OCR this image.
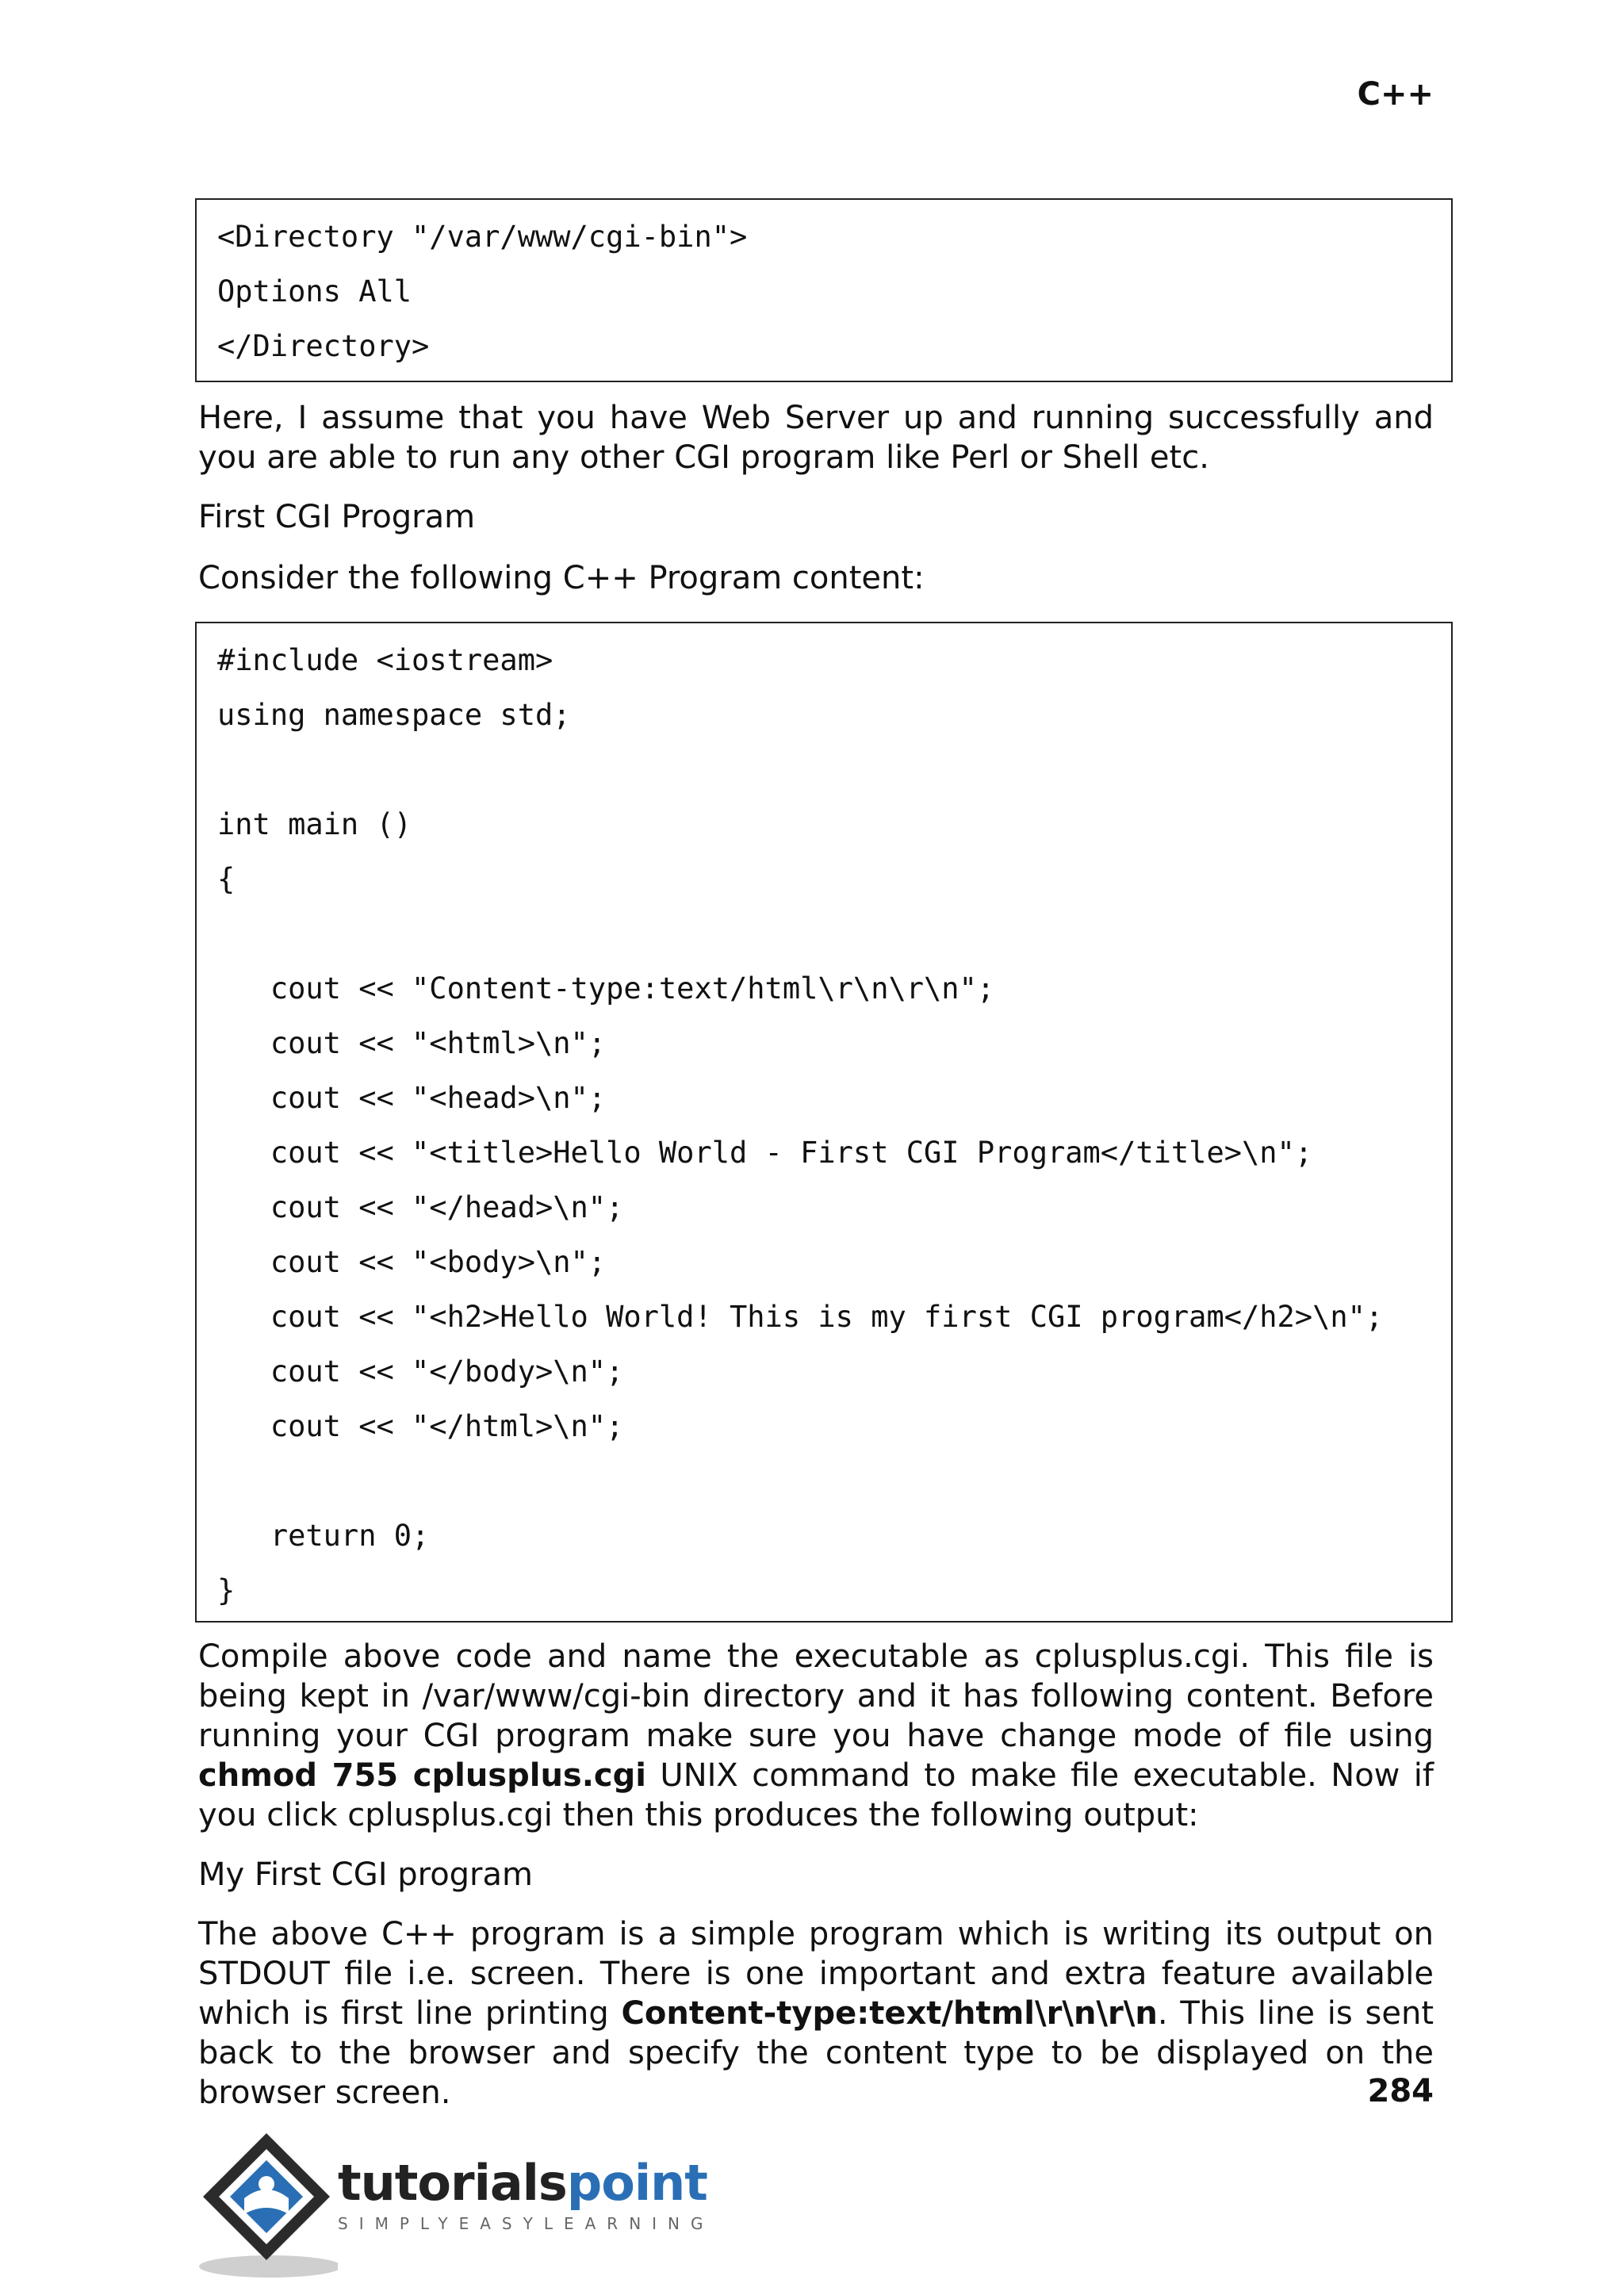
C++
<Directory "/var/www/cgi-bin">
Options All
</Directory>
Here, I assume that you have Web Server up and running successfully and you are able to run any other CGI program like Perl or Shell etc.
First CGI Program
Consider the following C++ Program content:
#include <iostream>
using namespace std;
int main ()
{
cout << "Content-type:text/html\r\n\r\n";
cout << "<html>\n";
cout << "<head>\n";
cout << "<title>Hello World - First CGI Program</title>\n";
cout << "</head>\n";
cout << "<body>\n";
cout << "<h2>Hello World! This is my first CGI program</h2>\n";
cout << "</body>\n";
cout << "</html>\n";
return 0;
}
Compile above code and name the executable as cplusplus.cgi. This file is being kept in /var/www/cgi-bin directory and it has following content. Before running your CGI program make sure you have change mode of file using chmod 755 cplusplus.cgi UNIX command to make file executable. Now if you click cplusplus.cgi then this produces the following output:
My First CGI program
The above C++ program is a simple program which is writing its output on STDOUT file i.e. screen. There is one important and extra feature available which is first line printing Content-type:text/html\r\n\r\n. This line is sent back to the browser and specify the content type to be displayed on the browser screen.	284
tutorialspoint
SIMPLYEASYLEARNING
